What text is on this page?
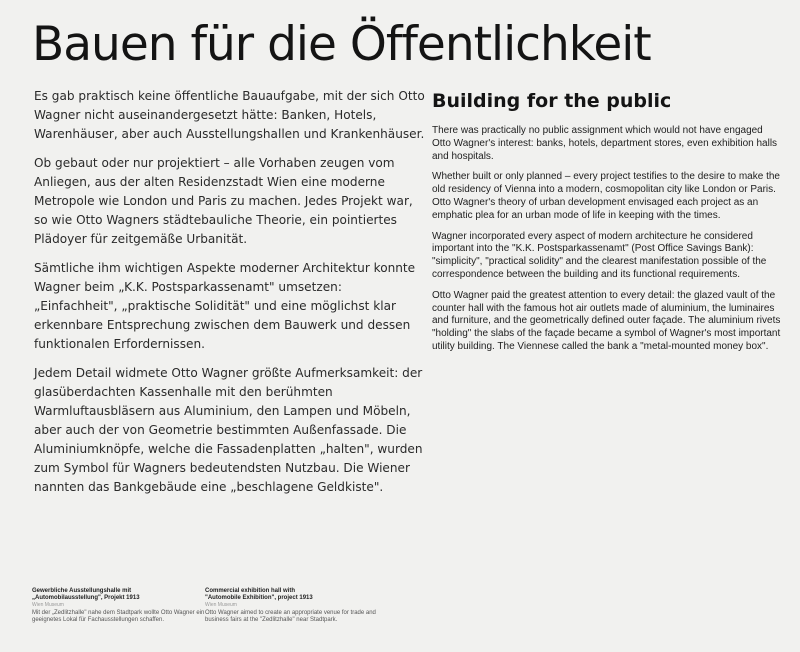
Bauen für die Öffentlichkeit

Es gab praktisch keine öffentliche Bauaufgabe, mit der sich Otto Wagner nicht auseinandergesetzt hätte: Banken, Hotels, Warenhäuser, aber auch Ausstellungshallen und Krankenhäuser.

Ob gebaut oder nur projektiert – alle Vorhaben zeugen vom Anliegen, aus der alten Residenzstadt Wien eine moderne Metropole wie London und Paris zu machen. Jedes Projekt war, so wie Otto Wagners städtebauliche Theorie, ein pointiertes Plädoyer für zeitgemäße Urbanität.

Sämtliche ihm wichtigen Aspekte moderner Architektur konnte Wagner beim „K.K. Postsparkassenamt" umsetzen: „Einfachheit", „praktische Solidität" und eine möglichst klar erkennbare Entsprechung zwischen dem Bauwerk und dessen funktionalen Erfordernissen.

Jedem Detail widmete Otto Wagner größte Aufmerksamkeit: der glasüberdachten Kassenhalle mit den berühmten Warmluftausbläsern aus Aluminium, den Lampen und Möbeln, aber auch der von Geometrie bestimmten Außenfassade. Die Aluminiumknöpfe, welche die Fassadenplatten „halten", wurden zum Symbol für Wagners bedeutendsten Nutzbau. Die Wiener nannten das Bankgebäude eine „beschlagene Geldkiste".

Building for the public

There was practically no public assignment which would not have engaged Otto Wagner's interest: banks, hotels, department stores, even exhibition halls and hospitals.

Whether built or only planned – every project testifies to the desire to make the old residency of Vienna into a modern, cosmopolitan city like London or Paris. Otto Wagner's theory of urban development envisaged each project as an emphatic plea for an urban mode of life in keeping with the times.

Wagner incorporated every aspect of modern architecture he considered important into the "K.K. Postsparkassenamt" (Post Office Savings Bank): "simplicity", "practical solidity" and the clearest manifestation possible of the correspondence between the building and its functional requirements.

Otto Wagner paid the greatest attention to every detail: the glazed vault of the counter hall with the famous hot air outlets made of aluminium, the luminaires and furniture, and the geometrically defined outer façade. The aluminium rivets "holding" the slabs of the façade became a symbol of Wagner's most important utility building. The Viennese called the bank a "metal-mounted money box".

Gewerbliche Ausstellungshalle mit
„Automobilausstellung", Projekt 1913
Wien Museum
Mit der „Zedlitzhalle" nahe dem Stadtpark wollte Otto Wagner ein geeignetes Lokal für Fachausstellungen schaffen.
Commercial exhibition hall with
"Automobile Exhibition", project 1913
Wien Museum
Otto Wagner aimed to create an appropriate venue for trade and business fairs at the "Zedlitzhalle" near Stadtpark.
